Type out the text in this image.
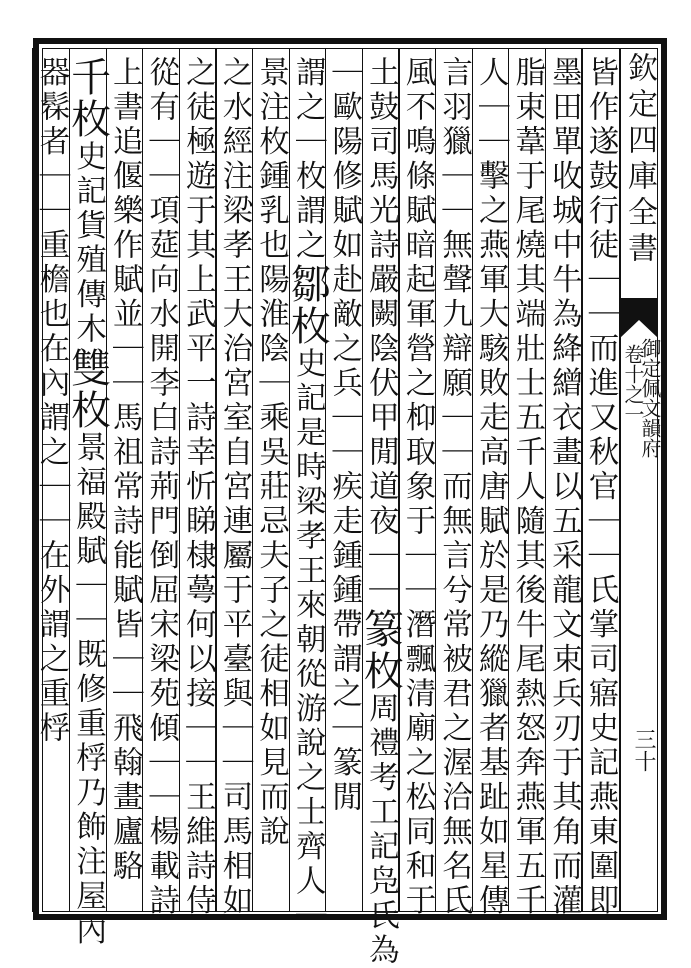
欽定四庫全書
御定佩文韻府
卷十之一
三十
皆作遂鼓行徒｜｜而進又秋官｜｜氏掌司寤史記燕東圍即
墨田單收城中牛為絳繒衣畫以五采龍文束兵刃于其角而灌
脂束葦于尾燒其端壯士五千人隨其後牛尾熱怒奔燕軍五千
人｜｜擊之燕軍大駭敗走高唐賦於是乃縱獵者基趾如星傳
言羽獵｜｜無聲九辯願｜｜而無言兮常被君之渥洽無名氏
風不鳴條賦暗起軍營之枊取象于｜｜潛飄清廟之松同和于
土鼓司馬光詩嚴闕陰伏甲閒道夜｜｜篆枚周禮考工記凫氏為
｜歐陽修賦如赴敵之兵｜｜疾走鍾鍾帶謂之｜篆閒
謂之｜枚謂之鄒枚史記是時梁孝王來朝從游說之士齊人｜
景注枚鍾乳也陽淮陰｜乘吳莊忌夫子之徒相如見而說
之水經注梁孝王大治宮室自宮連屬于平臺與｜｜司馬相如
之徒極遊于其上武平一詩幸忻睇棣蕚何以接｜｜王維詩侍
從有｜｜項莚向水開李白詩荊門倒屈宋梁苑傾｜｜楊載詩
上書追偃樂作賦並｜｜馬祖常詩能賦皆｜｜飛翰畫廬駱
千枚史記貨殖傳木雙枚景福殿賦｜｜既修重桴乃飾注屋內
器髹者｜｜重檐也在內謂之｜｜在外謂之重桴
